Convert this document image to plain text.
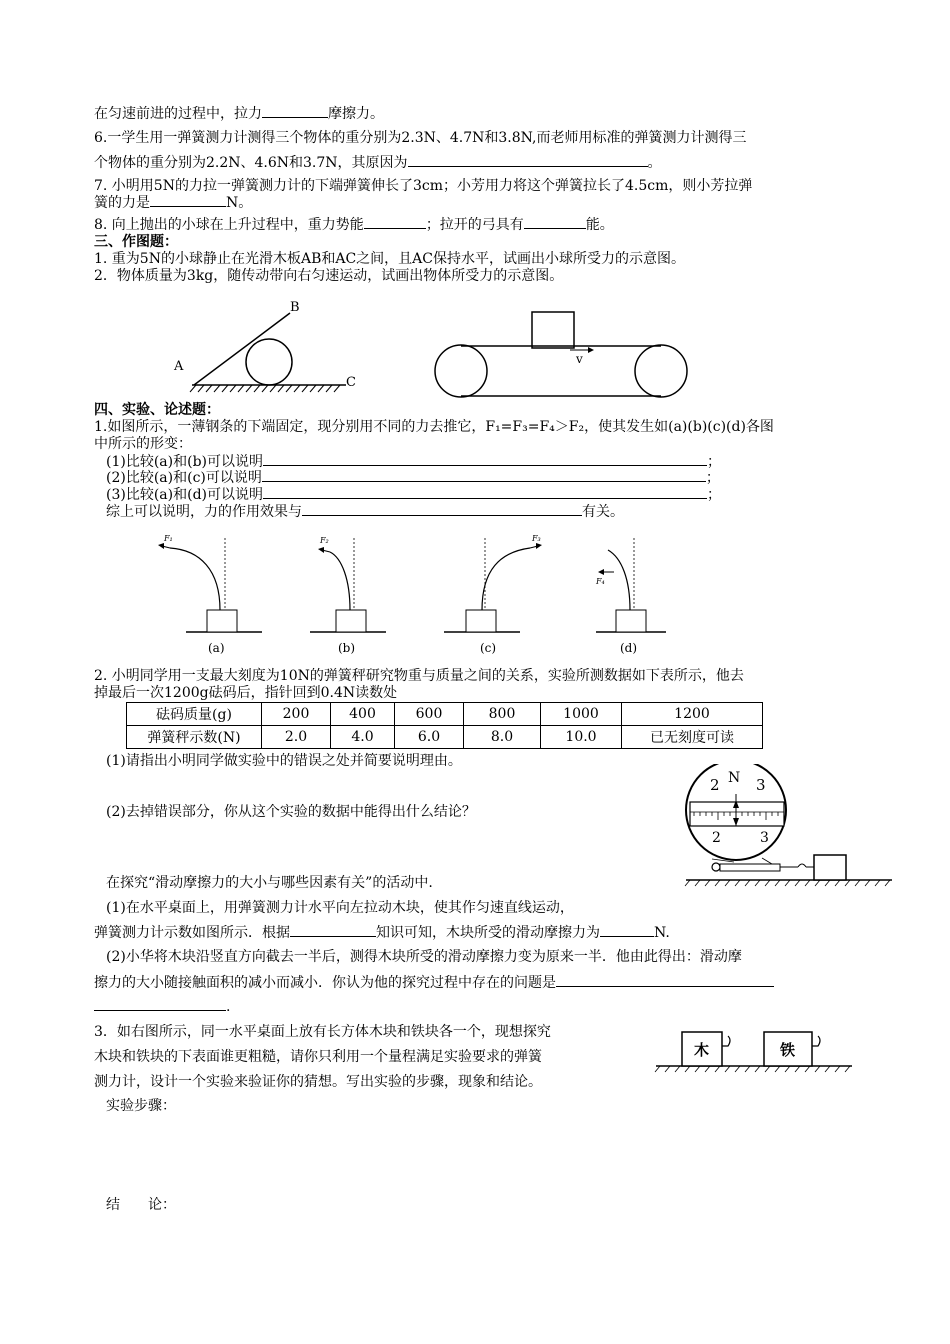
在匀速前进的过程中，拉力	摩擦力。
6.一学生用一弹簧测力计测得三个物体的重分别为2.3N、4.7N和3.8N,而老师用标准的弹簧测力计测得三
个物体的重分别为2.2N、4.6N和3.7N，其原因为	。
7. 小明用5N的力拉一弹簧测力计的下端弹簧伸长了3cm；小芳用力将这个弹簧拉长了4.5cm，则小芳拉弹
簧的力是	N。
8. 向上抛出的小球在上升过程中，重力势能	；拉开的弓具有	能。
三、作图题：
1. 重为5N的小球静止在光滑木板AB和AC之间，且AC保持水平，试画出小球所受力的示意图。
2．物体质量为3kg，随传动带向右匀速运动，试画出物体所受力的示意图。
B
A
C
v
四、实验、论述题：
1.如图所示，一薄钢条的下端固定，现分别用不同的力去推它，F₁=F₃=F₄＞F₂，使其发生如(a)(b)(c)(d)各图
中所示的形变：
(1)比较(a)和(b)可以说明	；
(2)比较(a)和(c)可以说明	；
(3)比较(a)和(d)可以说明	；
综上可以说明，力的作用效果与	有关。
F₁
(a)
F₂
(b)
F₃
(c)
F₄
(d)
2. 小明同学用一支最大刻度为10N的弹簧秤研究物重与质量之间的关系，实验所测数据如下表所示，他去
掉最后一次1200g砝码后，指针回到0.4N读数处
砝码质量(g)	200	400	600	800	1000	1200
弹簧秤示数(N)	2.0	4.0	6.0	8.0	10.0	已无刻度可读
(1)请指出小明同学做实验中的错误之处并简要说明理由。
(2)去掉错误部分，你从这个实验的数据中能得出什么结论？
2 N 3
2	3
在探究“滑动摩擦力的大小与哪些因素有关”的活动中.
(1)在水平桌面上，用弹簧测力计水平向左拉动木块，使其作匀速直线运动，
弹簧测力计示数如图所示．根据	知识可知，木块所受的滑动摩擦力为	N.
(2)小华将木块沿竖直方向截去一半后，测得木块所受的滑动摩擦力变为原来一半．他由此得出：滑动摩
擦力的大小随接触面积的减小而减小．你认为他的探究过程中存在的问题是
.
3．如右图所示，同一水平桌面上放有长方体木块和铁块各一个，现想探究
木块和铁块的下表面谁更粗糙，请你只利用一个量程满足实验要求的弹簧
测力计，设计一个实验来验证你的猜想。写出实验的步骤，现象和结论。
木	铁
实验步骤：
结　　论：
